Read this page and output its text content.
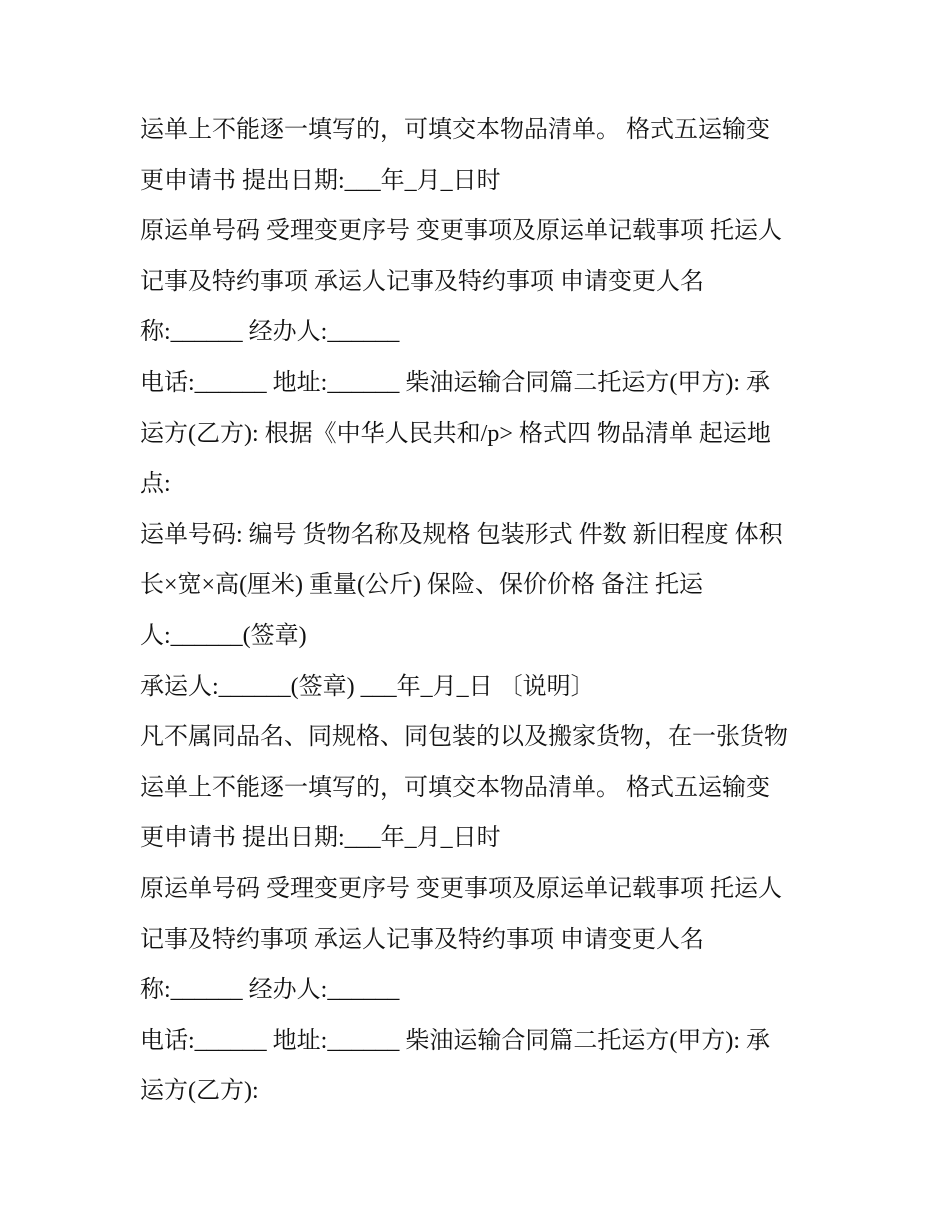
运单上不能逐一填写的，可填交本物品清单。 格式五运输变
更申请书 提出日期:___年_月_日时
原运单号码 受理变更序号 变更事项及原运单记载事项 托运人
记事及特约事项 承运人记事及特约事项 申请变更人名
称:______ 经办人:______
电话:______ 地址:______ 柴油运输合同篇二托运方(甲方): 承
运方(乙方): 根据《中华人民共和/p> 格式四 物品清单 起运地
点:
运单号码: 编号 货物名称及规格 包装形式 件数 新旧程度 体积
长×宽×高(厘米) 重量(公斤) 保险、保价价格 备注 托运
人:______(签章)
承运人:______(签章) ___年_月_日 〔说明〕
凡不属同品名、同规格、同包装的以及搬家货物，在一张货物
运单上不能逐一填写的，可填交本物品清单。 格式五运输变
更申请书 提出日期:___年_月_日时
原运单号码 受理变更序号 变更事项及原运单记载事项 托运人
记事及特约事项 承运人记事及特约事项 申请变更人名
称:______ 经办人:______
电话:______ 地址:______ 柴油运输合同篇二托运方(甲方): 承
运方(乙方):
